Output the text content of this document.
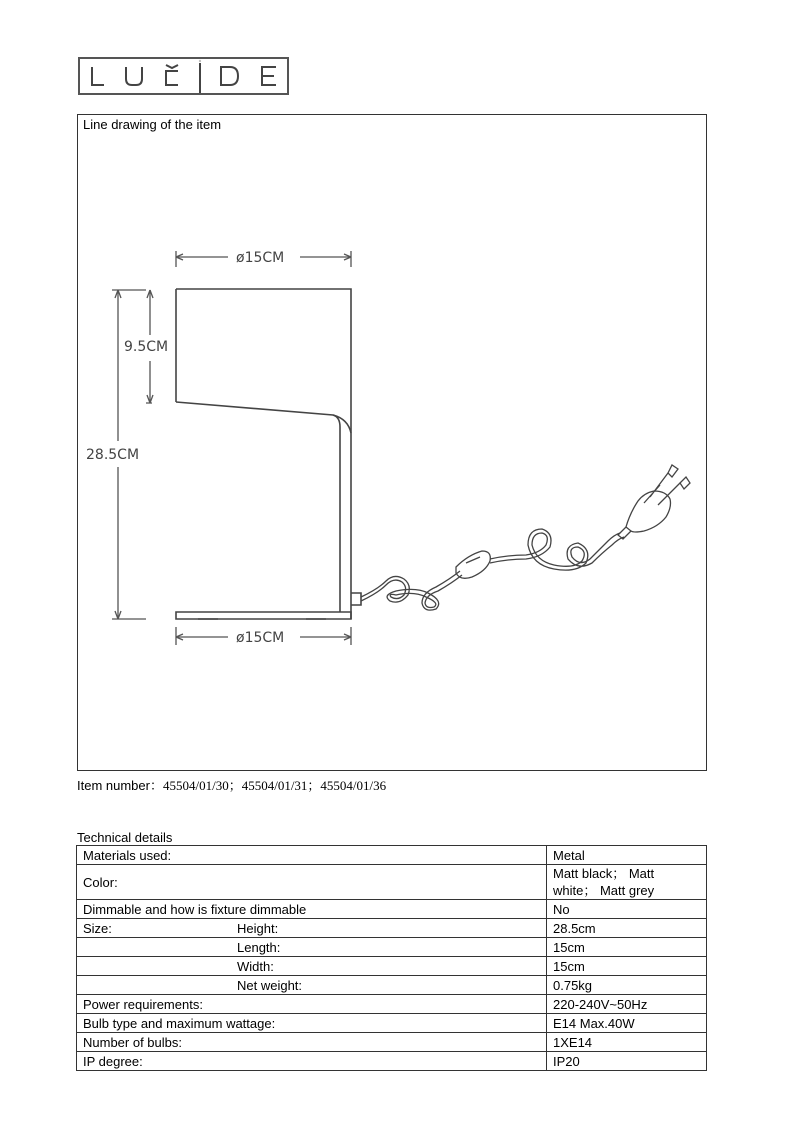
Line drawing of the item
ø15CM
9.5CM
28.5CM
ø15CM
Item number：45504/01/30；45504/01/31；45504/01/36
Technical details
Materials used:	Metal
Color:	Matt black； Matt white； Matt grey
Dimmable and how is fixture dimmable	No

Size: Height:	28.5cm
Length:	15cm
Width:	15cm
Net weight:	0.75kg
Power requirements:	220-240V~50Hz
Bulb type and maximum wattage:	E14 Max.40W
Number of bulbs:	1XE14
IP degree:	IP20
